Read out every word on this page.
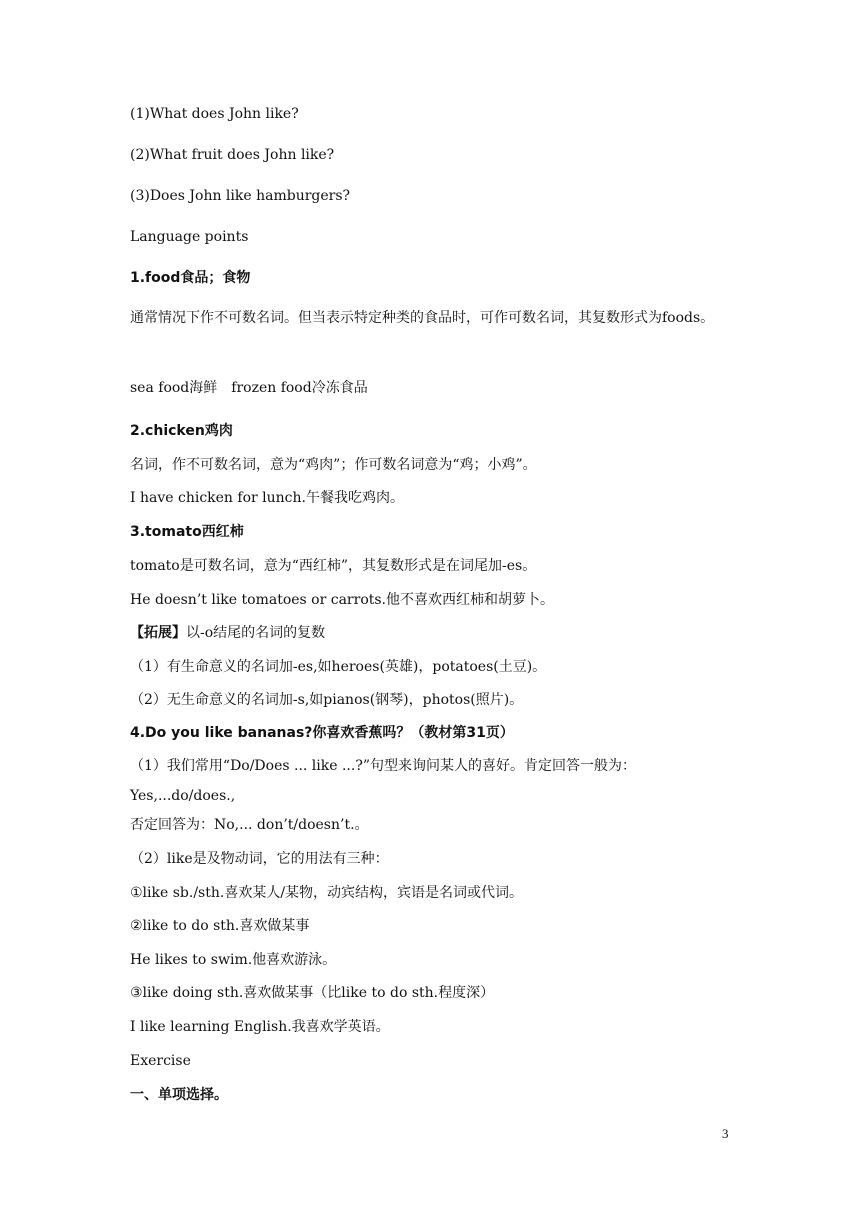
(1)What does John like?
(2)What fruit does John like?
(3)Does John like hamburgers?
Language points
1.food食品；食物
通常情况下作不可数名词。但当表示特定种类的食品时，可作可数名词，其复数形式为foods。
sea food海鲜　frozen food冷冻食品
2.chicken鸡肉
名词，作不可数名词，意为“鸡肉”；作可数名词意为“鸡；小鸡”。
I have chicken for lunch.午餐我吃鸡肉。
3.tomato西红柿
tomato是可数名词，意为“西红柿”，其复数形式是在词尾加-es。
He doesn’t like tomatoes or carrots.他不喜欢西红柿和胡萝卜。
【拓展】以-o结尾的名词的复数
（1）有生命意义的名词加-es,如heroes(英雄)，potatoes(土豆)。
（2）无生命意义的名词加-s,如pianos(钢琴)，photos(照片)。
4.Do you like bananas?你喜欢香蕉吗？（教材第31页）
（1）我们常用“Do/Does ... like ...?”句型来询问某人的喜好。肯定回答一般为：Yes,...do/does.,
否定回答为：No,... don’t/doesn’t.。
（2）like是及物动词，它的用法有三种：
①like sb./sth.喜欢某人/某物，动宾结构，宾语是名词或代词。
②like to do sth.喜欢做某事
He likes to swim.他喜欢游泳。
③like doing sth.喜欢做某事（比like to do sth.程度深）
I like learning English.我喜欢学英语。
Exercise
一、单项选择。
3
